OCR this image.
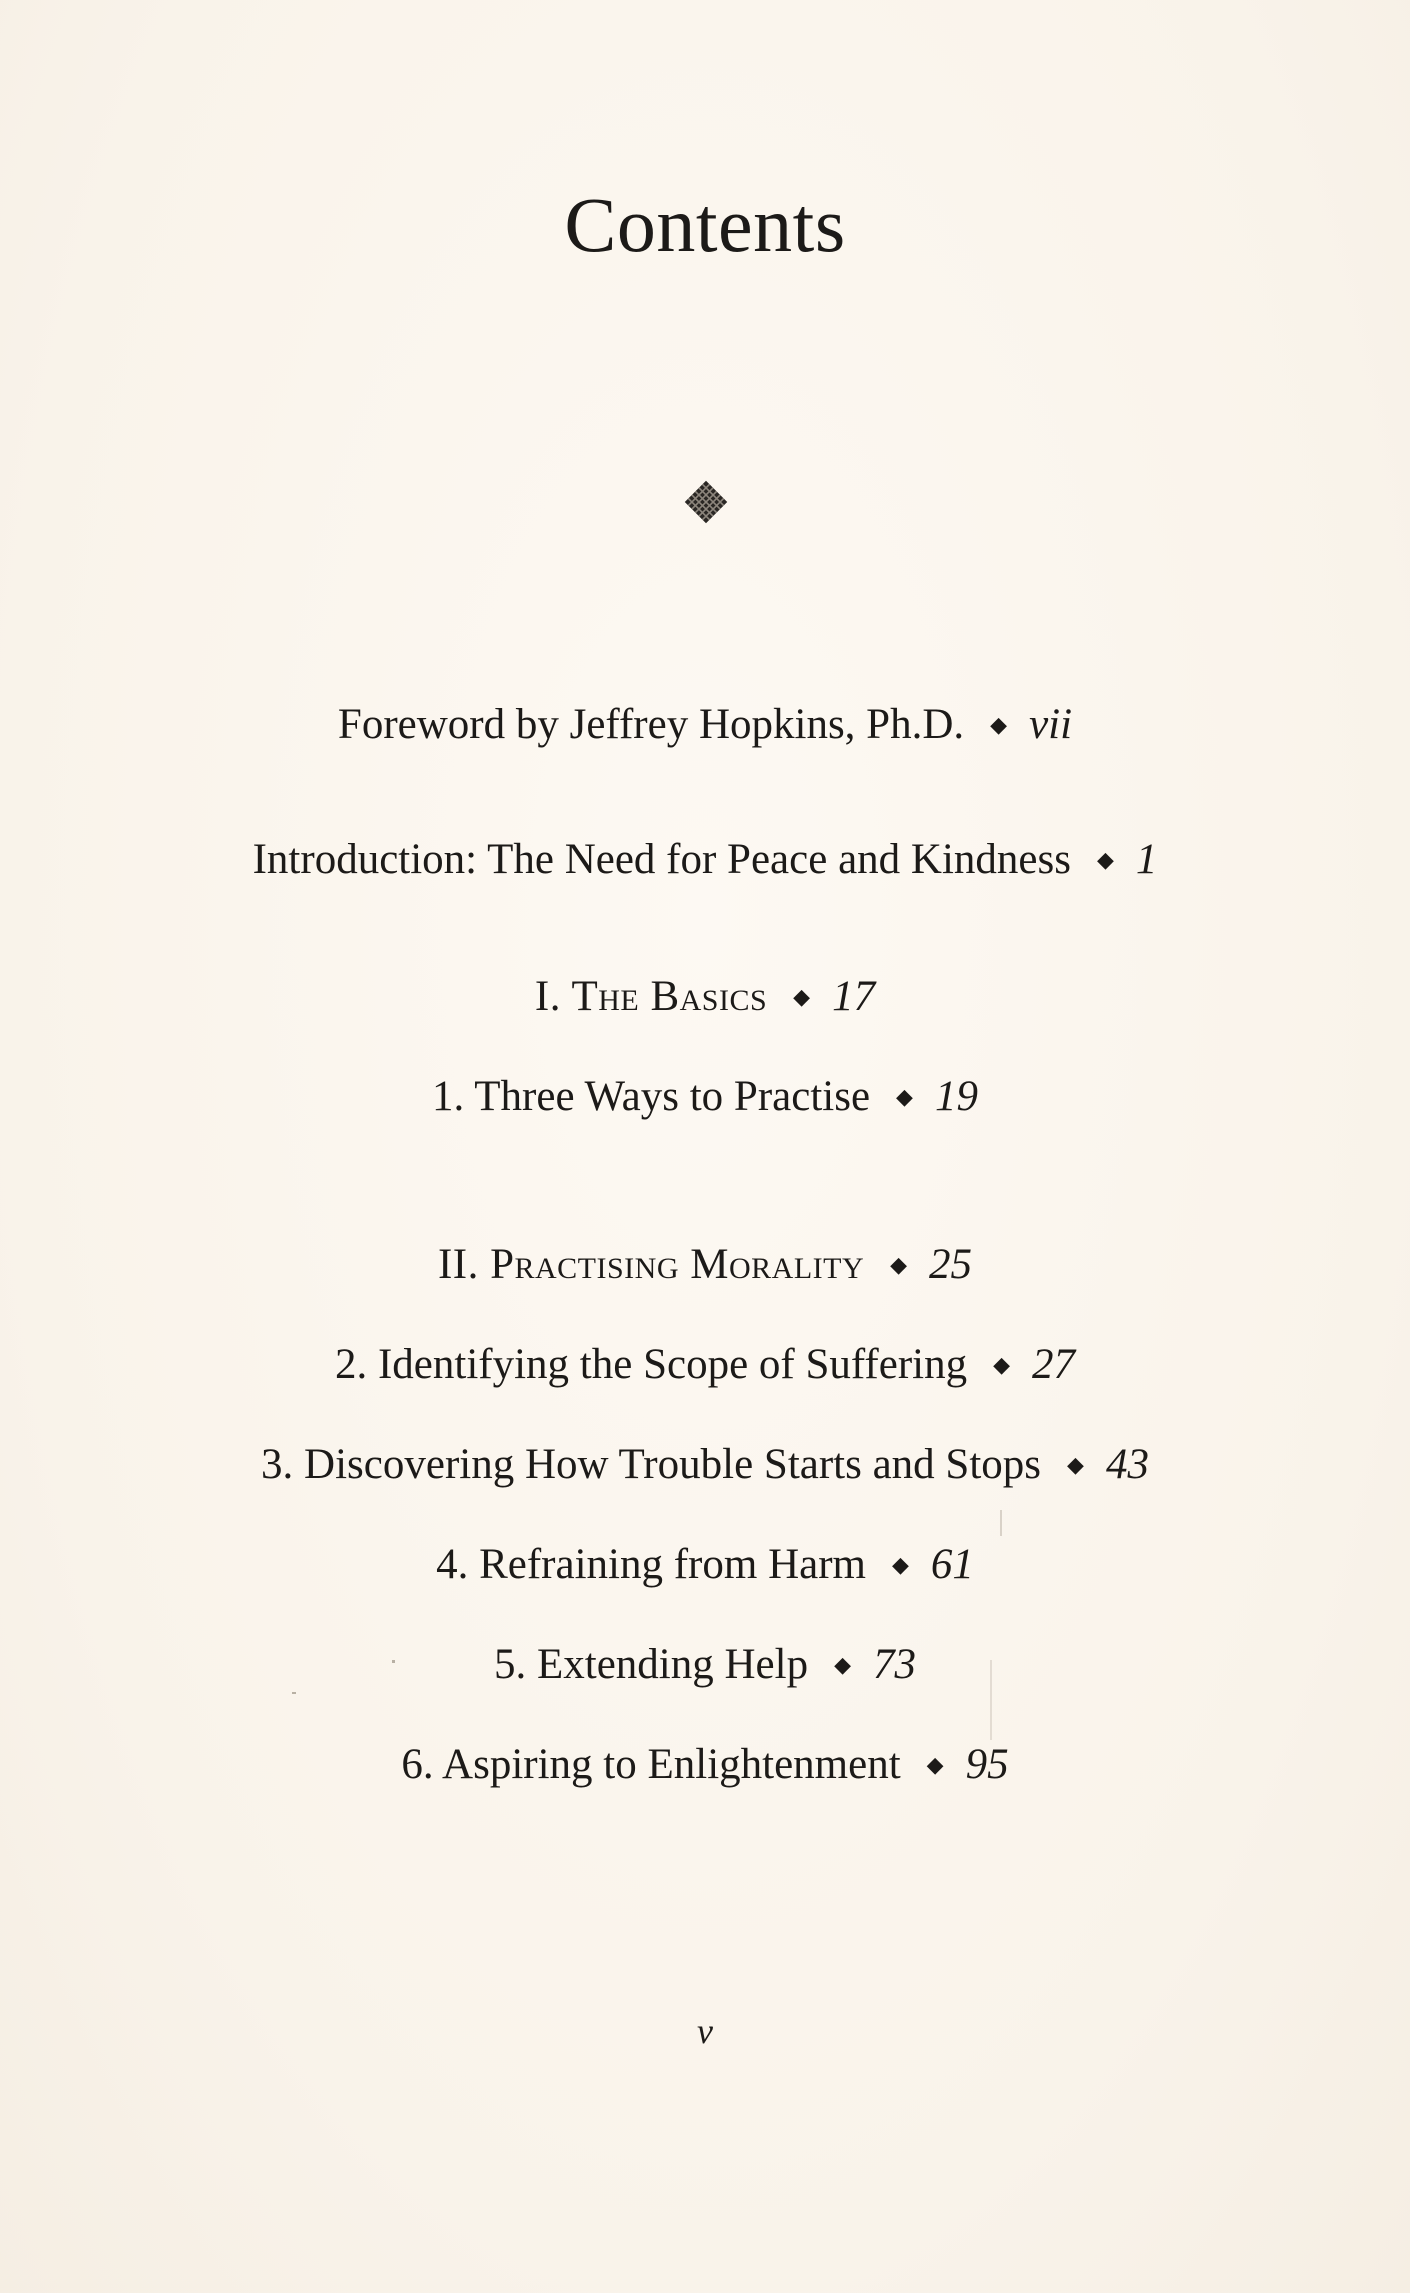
Contents
Foreword by Jeffrey Hopkins, Ph.D. ◆ vii
Introduction: The Need for Peace and Kindness ◆ 1
I. The Basics ◆ 17
1. Three Ways to Practise ◆ 19
II. Practising Morality ◆ 25
2. Identifying the Scope of Suffering ◆ 27
3. Discovering How Trouble Starts and Stops ◆ 43
4. Refraining from Harm ◆ 61
5. Extending Help ◆ 73
6. Aspiring to Enlightenment ◆ 95
v
